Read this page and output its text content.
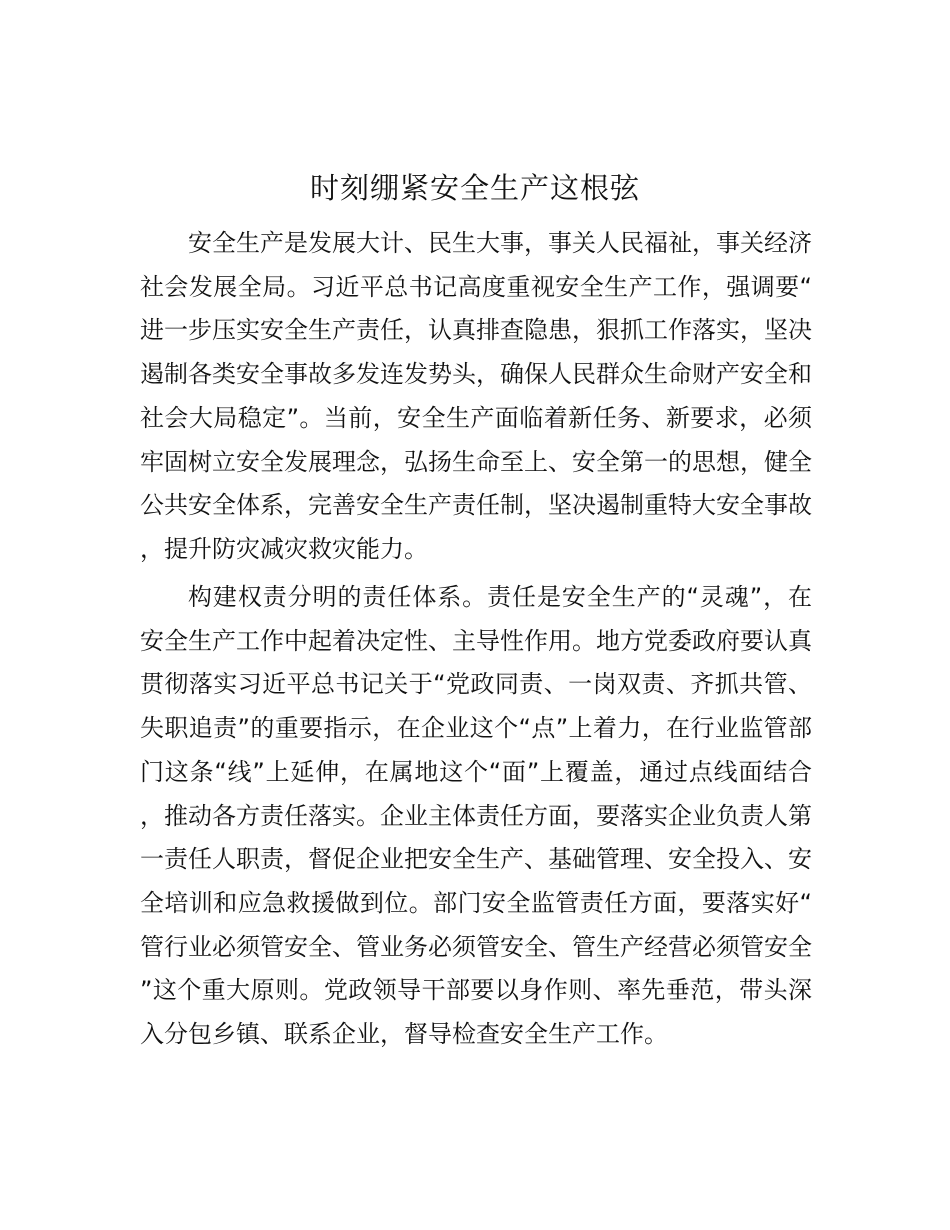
时刻绷紧安全生产这根弦

安全生产是发展大计、民生大事，事关人民福祉，事关经济社会发展全局。习近平总书记高度重视安全生产工作，强调要“进一步压实安全生产责任，认真排查隐患，狠抓工作落实，坚决遏制各类安全事故多发连发势头，确保人民群众生命财产安全和社会大局稳定”。当前，安全生产面临着新任务、新要求，必须牢固树立安全发展理念，弘扬生命至上、安全第一的思想，健全公共安全体系，完善安全生产责任制，坚决遏制重特大安全事故，提升防灾减灾救灾能力。

构建权责分明的责任体系。责任是安全生产的“灵魂”，在安全生产工作中起着决定性、主导性作用。地方党委政府要认真贯彻落实习近平总书记关于“党政同责、一岗双责、齐抓共管、失职追责”的重要指示，在企业这个“点”上着力，在行业监管部门这条“线”上延伸，在属地这个“面”上覆盖，通过点线面结合，推动各方责任落实。企业主体责任方面，要落实企业负责人第一责任人职责，督促企业把安全生产、基础管理、安全投入、安全培训和应急救援做到位。部门安全监管责任方面，要落实好“管行业必须管安全、管业务必须管安全、管生产经营必须管安全”这个重大原则。党政领导干部要以身作则、率先垂范，带头深入分包乡镇、联系企业，督导检查安全生产工作。
